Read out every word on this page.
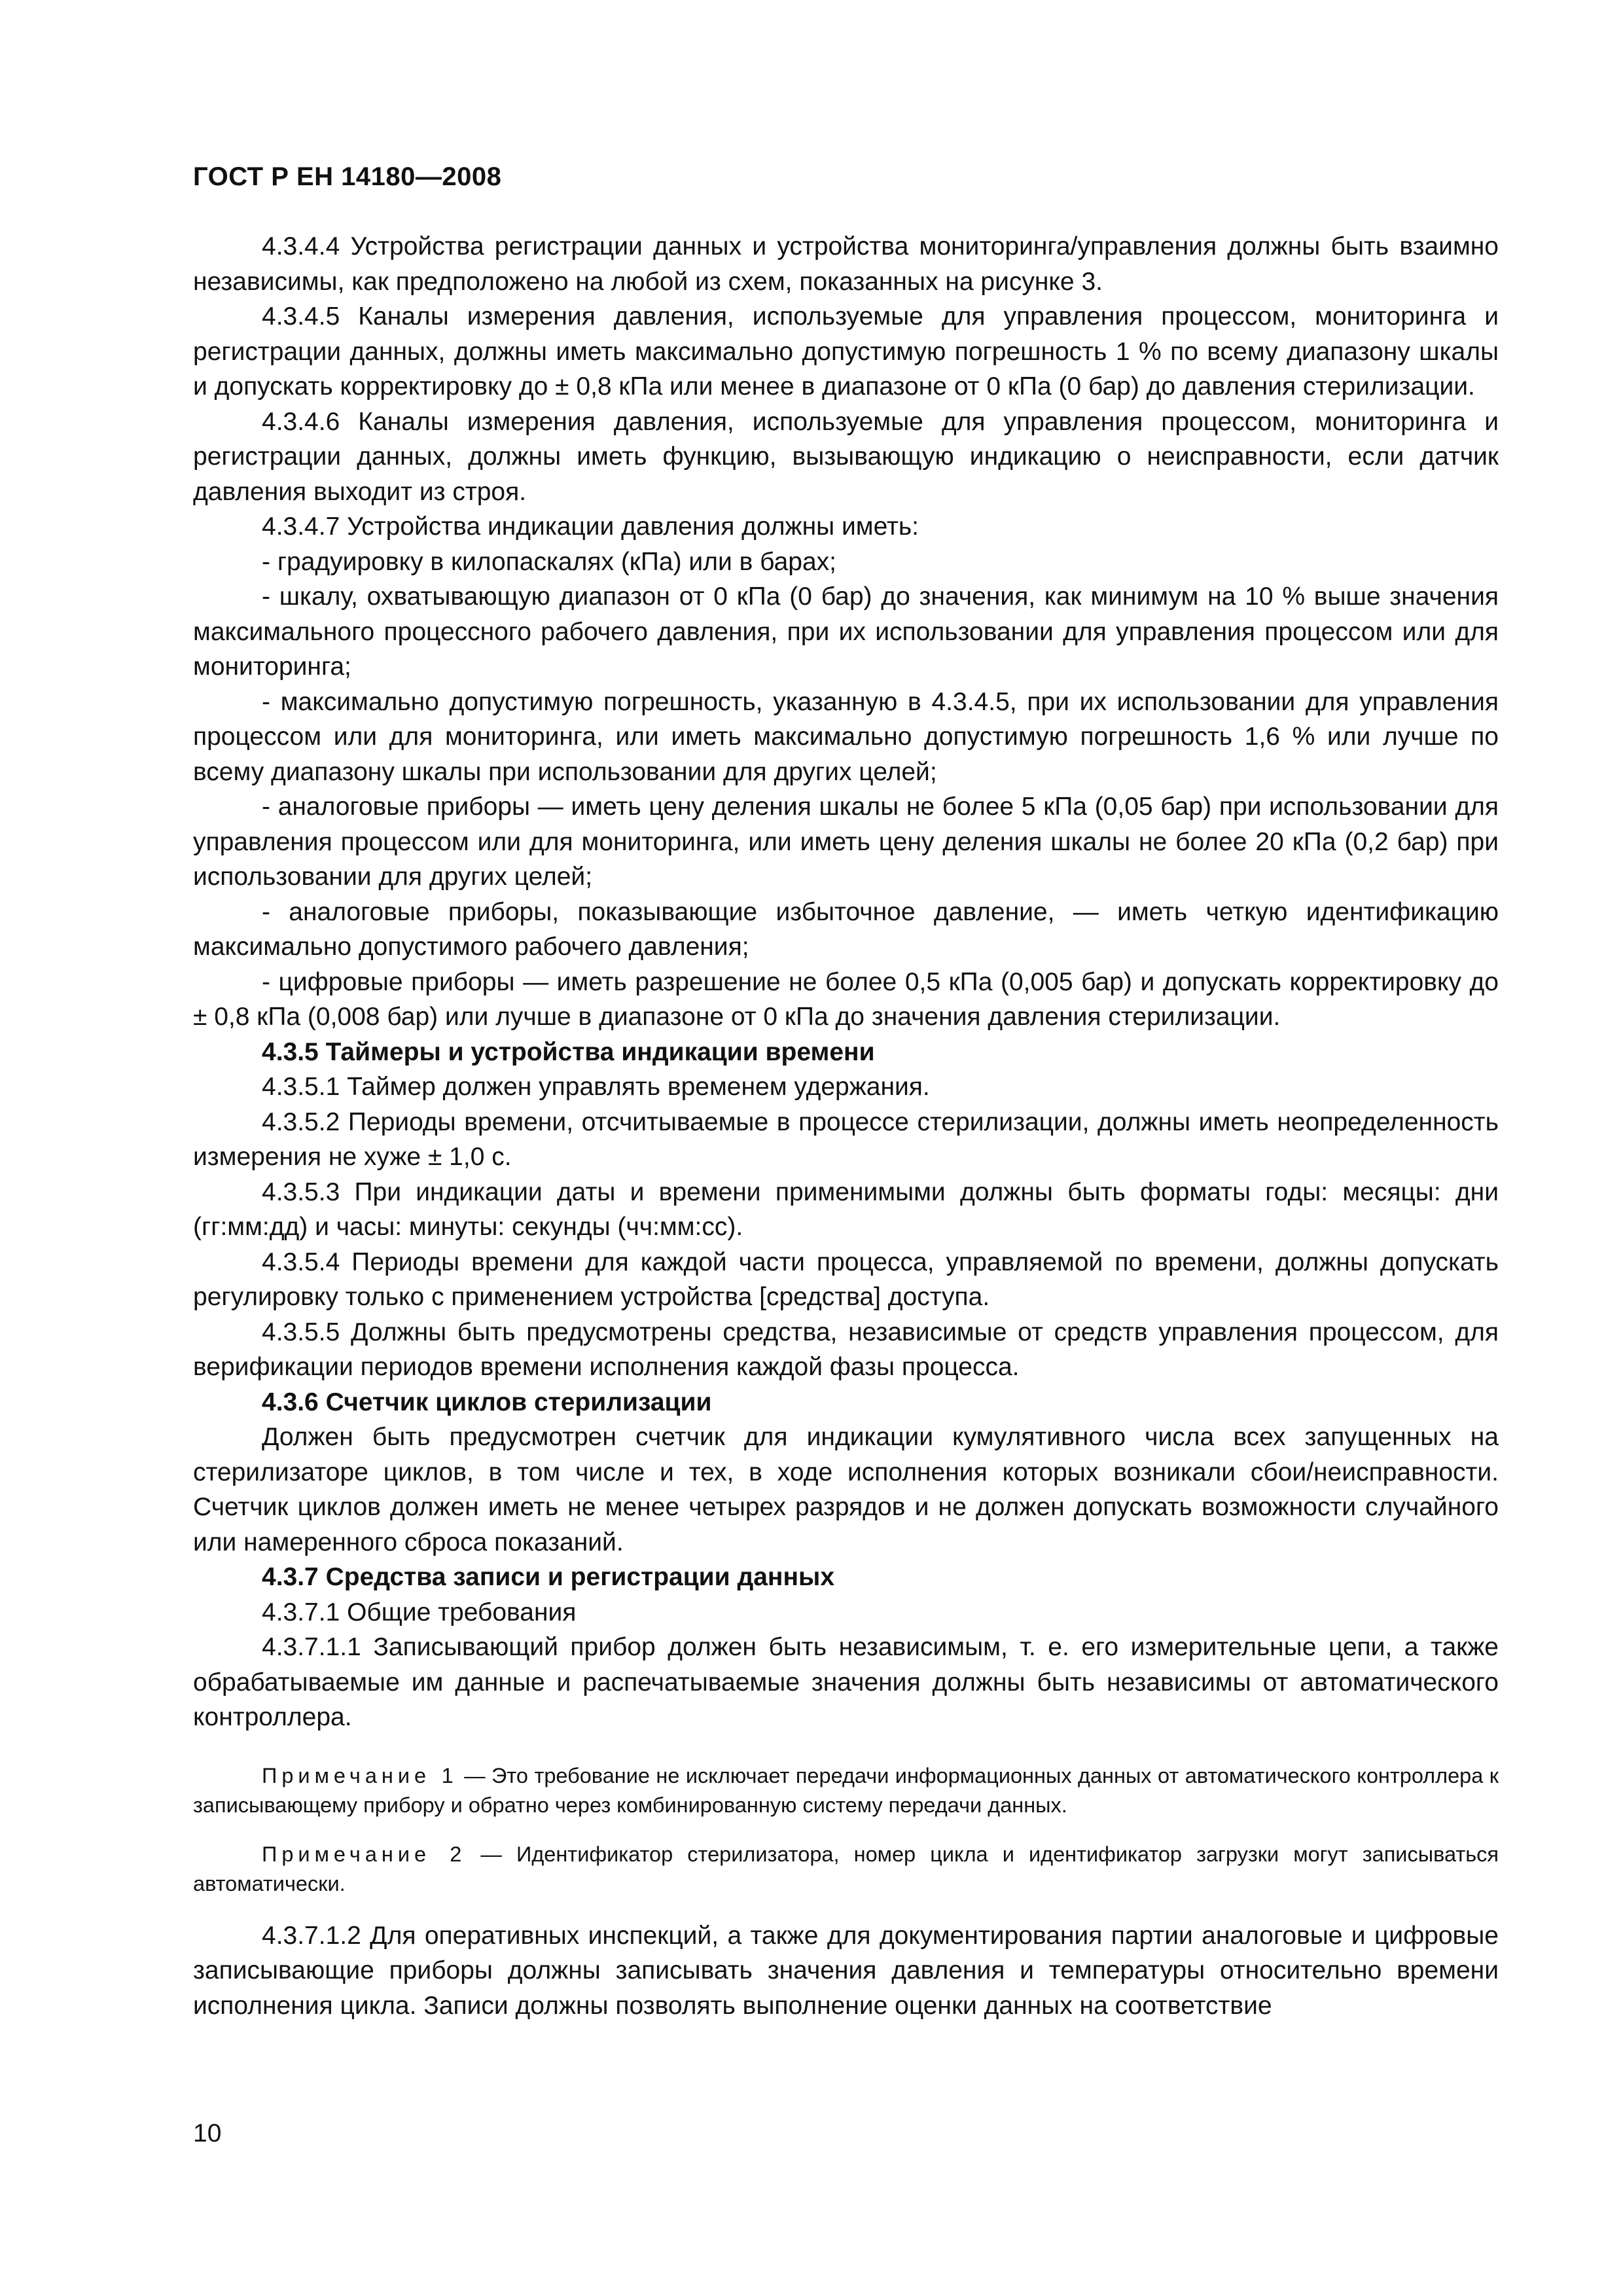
ГОСТ Р ЕН 14180—2008

4.3.4.4 Устройства регистрации данных и устройства мониторинга/управления должны быть взаимно независимы, как предположено на любой из схем, показанных на рисунке 3.

4.3.4.5 Каналы измерения давления, используемые для управления процессом, мониторинга и регистрации данных, должны иметь максимально допустимую погрешность 1 % по всему диапазону шкалы и допускать корректировку до ± 0,8 кПа или менее в диапазоне от 0 кПа (0 бар) до давления стерилизации.

4.3.4.6 Каналы измерения давления, используемые для управления процессом, мониторинга и регистрации данных, должны иметь функцию, вызывающую индикацию о неисправности, если датчик давления выходит из строя.

4.3.4.7 Устройства индикации давления должны иметь:

- градуировку в килопаскалях (кПа) или в барах;

- шкалу, охватывающую диапазон от 0 кПа (0 бар) до значения, как минимум на 10 % выше значения максимального процессного рабочего давления, при их использовании для управления процессом или для мониторинга;

- максимально допустимую погрешность, указанную в 4.3.4.5, при их использовании для управления процессом или для мониторинга, или иметь максимально допустимую погрешность 1,6 % или лучше по всему диапазону шкалы при использовании для других целей;

- аналоговые приборы — иметь цену деления шкалы не более 5 кПа (0,05 бар) при использовании для управления процессом или для мониторинга, или иметь цену деления шкалы не более 20 кПа (0,2 бар) при использовании для других целей;

- аналоговые приборы, показывающие избыточное давление, — иметь четкую идентификацию максимально допустимого рабочего давления;

- цифровые приборы — иметь разрешение не более 0,5 кПа (0,005 бар) и допускать корректировку до ± 0,8 кПа (0,008 бар) или лучше в диапазоне от 0 кПа до значения давления стерилизации.

4.3.5 Таймеры и устройства индикации времени

4.3.5.1 Таймер должен управлять временем удержания.

4.3.5.2 Периоды времени, отсчитываемые в процессе стерилизации, должны иметь неопределенность измерения не хуже ± 1,0 с.

4.3.5.3 При индикации даты и времени применимыми должны быть форматы годы: месяцы: дни (гг:мм:дд) и часы: минуты: секунды (чч:мм:сс).

4.3.5.4 Периоды времени для каждой части процесса, управляемой по времени, должны допускать регулировку только с применением устройства [средства] доступа.

4.3.5.5 Должны быть предусмотрены средства, независимые от средств управления процессом, для верификации периодов времени исполнения каждой фазы процесса.

4.3.6 Счетчик циклов стерилизации

Должен быть предусмотрен счетчик для индикации кумулятивного числа всех запущенных на стерилизаторе циклов, в том числе и тех, в ходе исполнения которых возникали сбои/неисправности. Счетчик циклов должен иметь не менее четырех разрядов и не должен допускать возможности случайного или намеренного сброса показаний.

4.3.7 Средства записи и регистрации данных

4.3.7.1 Общие требования

4.3.7.1.1 Записывающий прибор должен быть независимым, т. е. его измерительные цепи, а также обрабатываемые им данные и распечатываемые значения должны быть независимы от автоматического контроллера.

Примечание 1 — Это требование не исключает передачи информационных данных от автоматического контроллера к записывающему прибору и обратно через комбинированную систему передачи данных.

Примечание 2 — Идентификатор стерилизатора, номер цикла и идентификатор загрузки могут записываться автоматически.

4.3.7.1.2 Для оперативных инспекций, а также для документирования партии аналоговые и цифровые записывающие приборы должны записывать значения давления и температуры относительно времени исполнения цикла. Записи должны позволять выполнение оценки данных на соответствие

10
